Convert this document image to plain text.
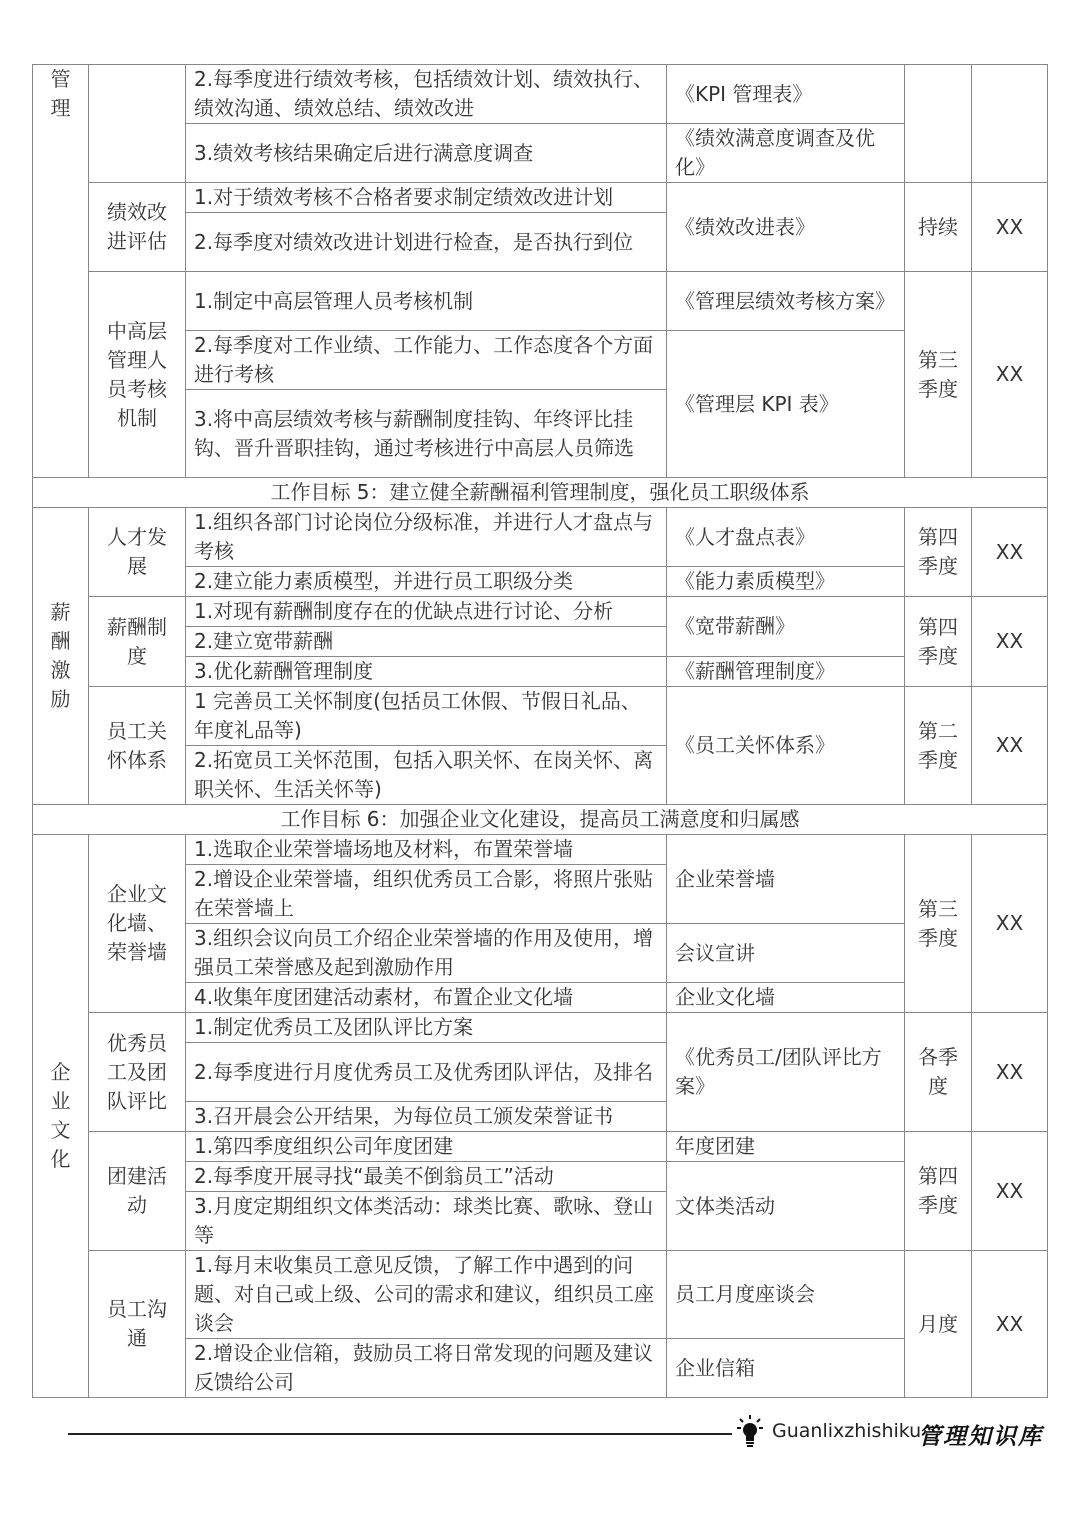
管理		2.每季度进行绩效考核，包括绩效计划、绩效执行、绩效沟通、绩效总结、绩效改进	《KPI 管理表》		
		3.绩效考核结果确定后进行满意度调查	《绩效满意度调查及优化》		
	绩效改进评估	1.对于绩效考核不合格者要求制定绩效改进计划	《绩效改进表》	持续	XX
		2.每季度对绩效改进计划进行检查，是否执行到位			
	中高层管理人员考核机制	1.制定中高层管理人员考核机制	《管理层绩效考核方案》	第三季度	XX
		2.每季度对工作业绩、工作能力、工作态度各个方面进行考核	《管理层 KPI 表》		
		3.将中高层绩效考核与薪酬制度挂钩、年终评比挂钩、晋升晋职挂钩，通过考核进行中高层人员筛选			
工作目标 5：建立健全薪酬福利管理制度，强化员工职级体系					
薪酬激励	人才发展	1.组织各部门讨论岗位分级标准，并进行人才盘点与考核	《人才盘点表》	第四季度	XX
		2.建立能力素质模型，并进行员工职级分类	《能力素质模型》		
	薪酬制度	1.对现有薪酬制度存在的优缺点进行讨论、分析	《宽带薪酬》	第四季度	XX
		2.建立宽带薪酬			
		3.优化薪酬管理制度	《薪酬管理制度》		
	员工关怀体系	1 完善员工关怀制度(包括员工休假、节假日礼品、年度礼品等)	《员工关怀体系》	第二季度	XX
		2.拓宽员工关怀范围，包括入职关怀、在岗关怀、离职关怀、生活关怀等)			
工作目标 6：加强企业文化建设，提高员工满意度和归属感					
企业文化	企业文化墙、荣誉墙	1.选取企业荣誉墙场地及材料，布置荣誉墙	企业荣誉墙	第三季度	XX
		2.增设企业荣誉墙，组织优秀员工合影，将照片张贴在荣誉墙上			
		3.组织会议向员工介绍企业荣誉墙的作用及使用，增强员工荣誉感及起到激励作用	会议宣讲		
		4.收集年度团建活动素材，布置企业文化墙	企业文化墙		
	优秀员工及团队评比	1.制定优秀员工及团队评比方案	《优秀员工/团队评比方案》	各季度	XX
		2.每季度进行月度优秀员工及优秀团队评估，及排名			
		3.召开晨会公开结果，为每位员工颁发荣誉证书			
	团建活动	1.第四季度组织公司年度团建	年度团建	第四季度	XX
		2.每季度开展寻找“最美不倒翁员工”活动	文体类活动		
		3.月度定期组织文体类活动：球类比赛、歌咏、登山等			
	员工沟通	1.每月末收集员工意见反馈，了解工作中遇到的问题、对自己或上级、公司的需求和建议，组织员工座谈会	员工月度座谈会	月度	XX
		2.增设企业信箱，鼓励员工将日常发现的问题及建议反馈给公司	企业信箱		
Guanlixzhishiku
管理知识库
